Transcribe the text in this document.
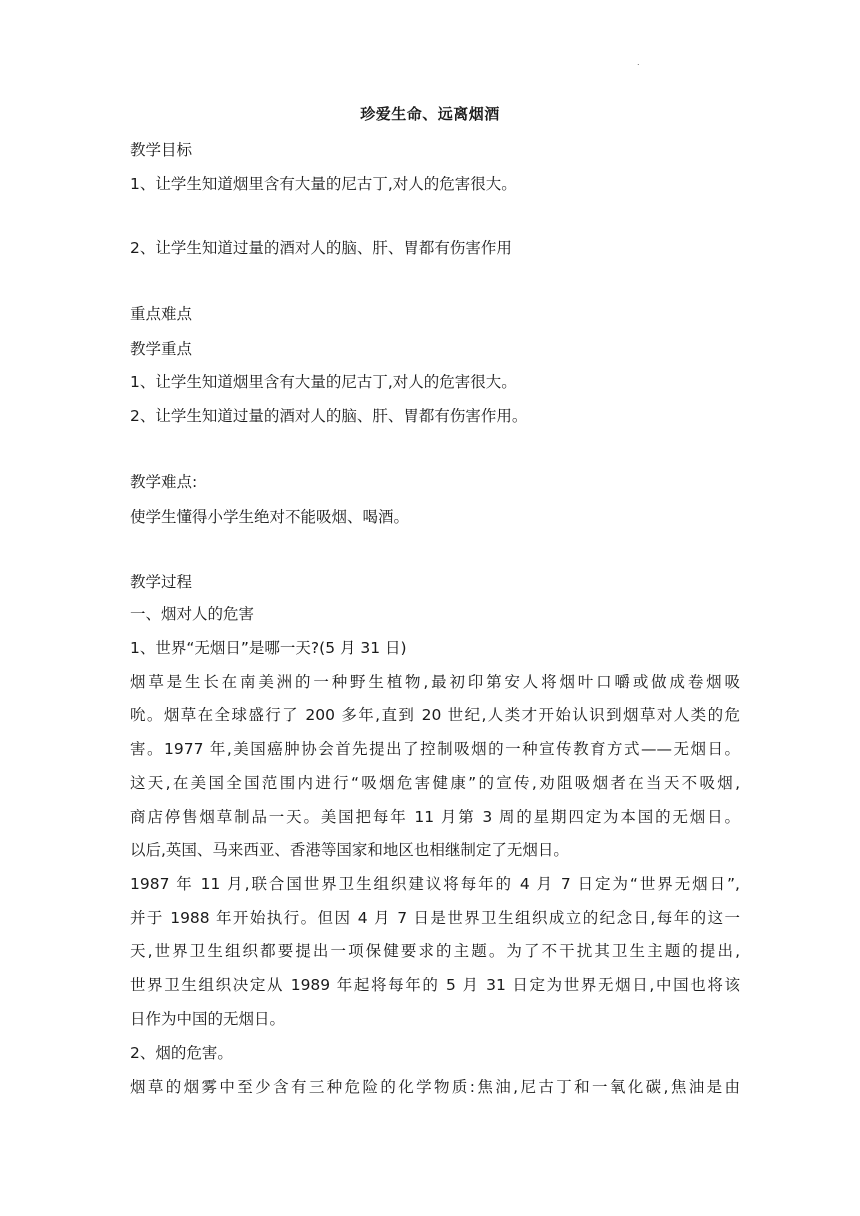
.
珍爱生命、远离烟酒
教学目标
1、让学生知道烟里含有大量的尼古丁,对人的危害很大。
2、让学生知道过量的酒对人的脑、肝、胃都有伤害作用
重点难点
教学重点
1、让学生知道烟里含有大量的尼古丁,对人的危害很大。
2、让学生知道过量的酒对人的脑、肝、胃都有伤害作用。
教学难点:
使学生懂得小学生绝对不能吸烟、喝酒。
教学过程
一、烟对人的危害
1、世界“无烟日”是哪一天?(5 月 31 日)
烟草是生长在南美洲的一种野生植物,最初印第安人将烟叶口嚼或做成卷烟吸
吮。烟草在全球盛行了 200 多年,直到 20 世纪,人类才开始认识到烟草对人类的危
害。1977 年,美国癌肿协会首先提出了控制吸烟的一种宣传教育方式——无烟日。
这天,在美国全国范围内进行“吸烟危害健康”的宣传,劝阻吸烟者在当天不吸烟,
商店停售烟草制品一天。美国把每年 11 月第 3 周的星期四定为本国的无烟日。
以后,英国、马来西亚、香港等国家和地区也相继制定了无烟日。
1987 年 11 月,联合国世界卫生组织建议将每年的 4 月 7 日定为“世界无烟日”,
并于 1988 年开始执行。但因 4 月 7 日是世界卫生组织成立的纪念日,每年的这一
天,世界卫生组织都要提出一项保健要求的主题。为了不干扰其卫生主题的提出,
世界卫生组织决定从 1989 年起将每年的 5 月 31 日定为世界无烟日,中国也将该
日作为中国的无烟日。
2、烟的危害。
烟草的烟雾中至少含有三种危险的化学物质:焦油,尼古丁和一氧化碳,焦油是由
